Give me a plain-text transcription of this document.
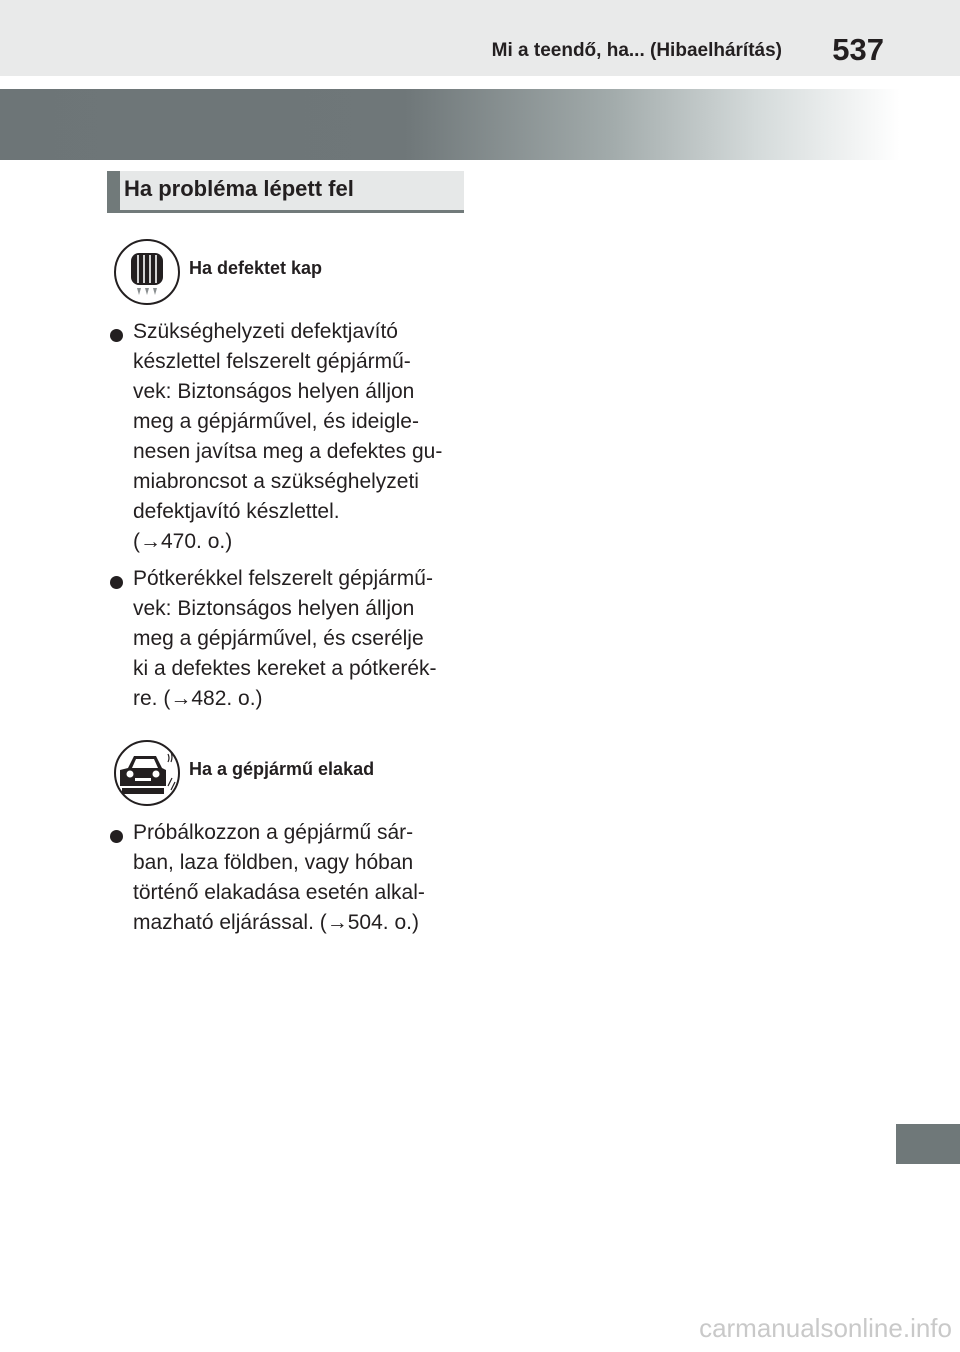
Mi a teendő, ha... (Hibaelhárítás) 537
Ha probléma lépett fel
Ha defektet kap
Szükséghelyzeti defektjavító
készlettel felszerelt gépjármű-
vek: Biztonságos helyen álljon
meg a gépjárművel, és ideigle-
nesen javítsa meg a defektes gu-
miabroncsot a szükséghelyzeti
defektjavító készlettel.
(→470. o.)
Pótkerékkel felszerelt gépjármű-
vek: Biztonságos helyen álljon
meg a gépjárművel, és cserélje
ki a defektes kereket a pótkerék-
re. (→482. o.)
Ha a gépjármű elakad
Próbálkozzon a gépjármű sár-
ban, laza földben, vagy hóban
történő elakadása esetén alkal-
mazható eljárással. (→504. o.)
carmanualsonline.info
